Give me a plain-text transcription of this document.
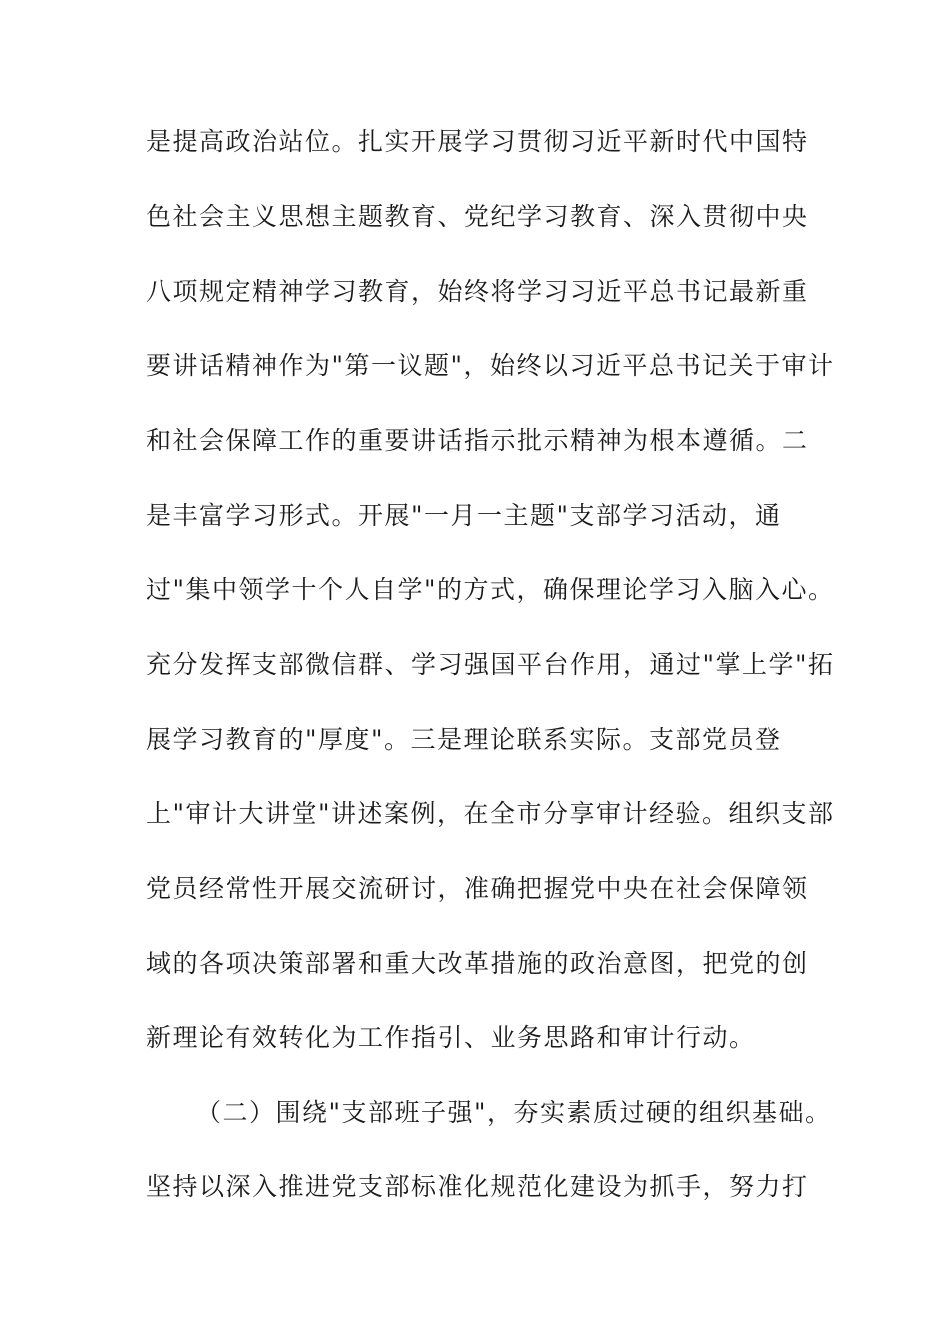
是提高政治站位。扎实开展学习贯彻习近平新时代中国特
色社会主义思想主题教育、党纪学习教育、深入贯彻中央
八项规定精神学习教育，始终将学习习近平总书记最新重
要讲话精神作为"第一议题"，始终以习近平总书记关于审计
和社会保障工作的重要讲话指示批示精神为根本遵循。二
是丰富学习形式。开展"一月一主题"支部学习活动，通
过"集中领学十个人自学"的方式，确保理论学习入脑入心。
充分发挥支部微信群、学习强国平台作用，通过"掌上学"拓
展学习教育的"厚度"。三是理论联系实际。支部党员登
上"审计大讲堂"讲述案例，在全市分享审计经验。组织支部
党员经常性开展交流研讨，准确把握党中央在社会保障领
域的各项决策部署和重大改革措施的政治意图，把党的创
新理论有效转化为工作指引、业务思路和审计行动。
（二）围绕"支部班子强"，夯实素质过硬的组织基础。
坚持以深入推进党支部标准化规范化建设为抓手，努力打
